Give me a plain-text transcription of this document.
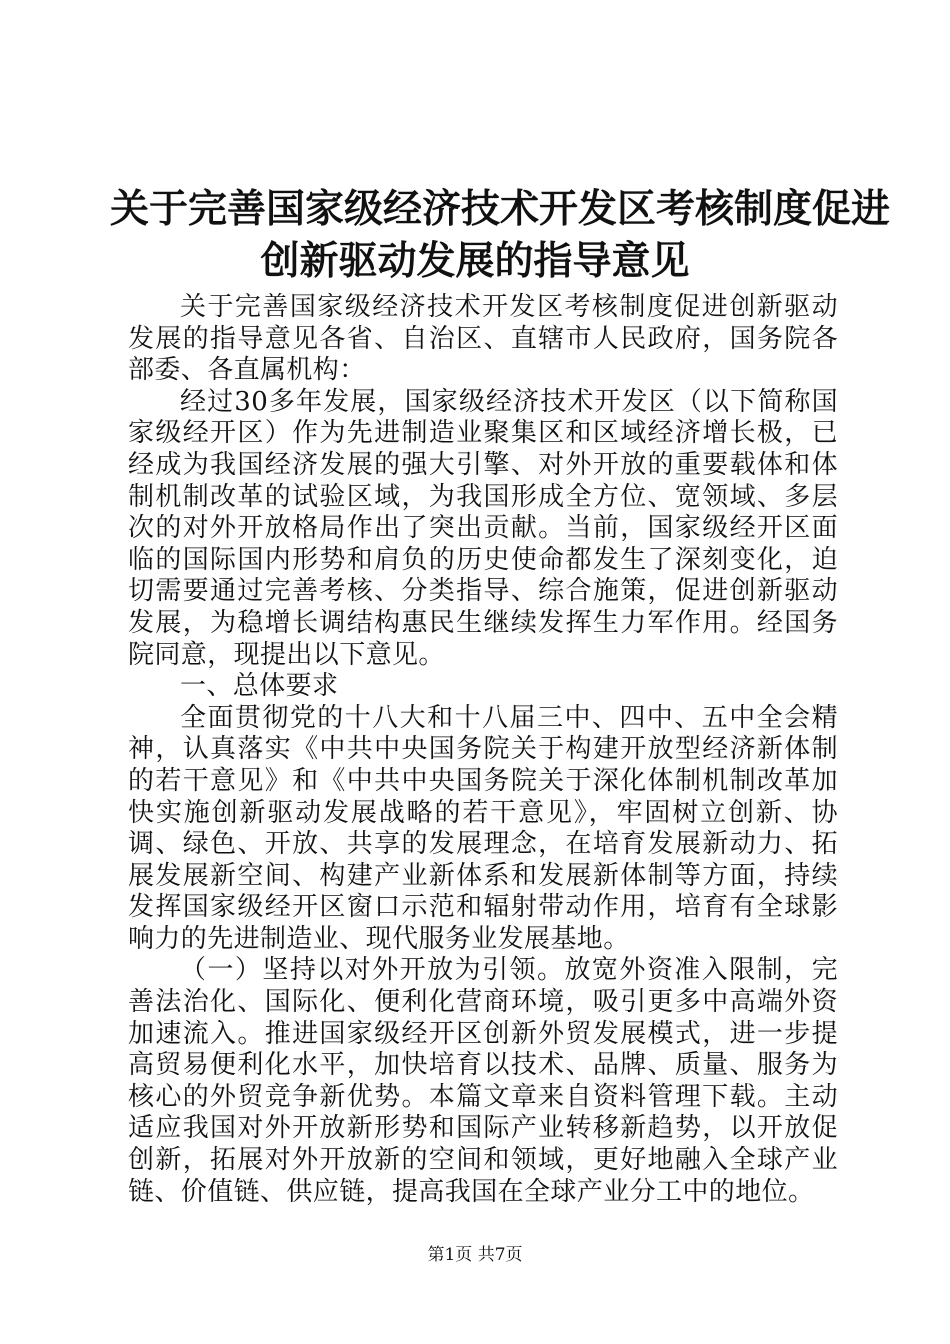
关于完善国家级经济技术开发区考核制度促进
创新驱动发展的指导意见

关于完善国家级经济技术开发区考核制度促进创新驱动发展的指导意见各省、自治区、直辖市人民政府，国务院各部委、各直属机构：

经过30多年发展，国家级经济技术开发区（以下简称国家级经开区）作为先进制造业聚集区和区域经济增长极，已经成为我国经济发展的强大引擎、对外开放的重要载体和体制机制改革的试验区域，为我国形成全方位、宽领域、多层次的对外开放格局作出了突出贡献。当前，国家级经开区面临的国际国内形势和肩负的历史使命都发生了深刻变化，迫切需要通过完善考核、分类指导、综合施策，促进创新驱动发展，为稳增长调结构惠民生继续发挥生力军作用。经国务院同意，现提出以下意见。

一、总体要求

全面贯彻党的十八大和十八届三中、四中、五中全会精神，认真落实《中共中央国务院关于构建开放型经济新体制的若干意见》和《中共中央国务院关于深化体制机制改革加快实施创新驱动发展战略的若干意见》，牢固树立创新、协调、绿色、开放、共享的发展理念，在培育发展新动力、拓展发展新空间、构建产业新体系和发展新体制等方面，持续发挥国家级经开区窗口示范和辐射带动作用，培育有全球影响力的先进制造业、现代服务业发展基地。

（一）坚持以对外开放为引领。放宽外资准入限制，完善法治化、国际化、便利化营商环境，吸引更多中高端外资加速流入。推进国家级经开区创新外贸发展模式，进一步提高贸易便利化水平，加快培育以技术、品牌、质量、服务为核心的外贸竞争新优势。本篇文章来自资料管理下载。主动适应我国对外开放新形势和国际产业转移新趋势，以开放促创新，拓展对外开放新的空间和领域，更好地融入全球产业链、价值链、供应链，提高我国在全球产业分工中的地位。

第1页 共7页
